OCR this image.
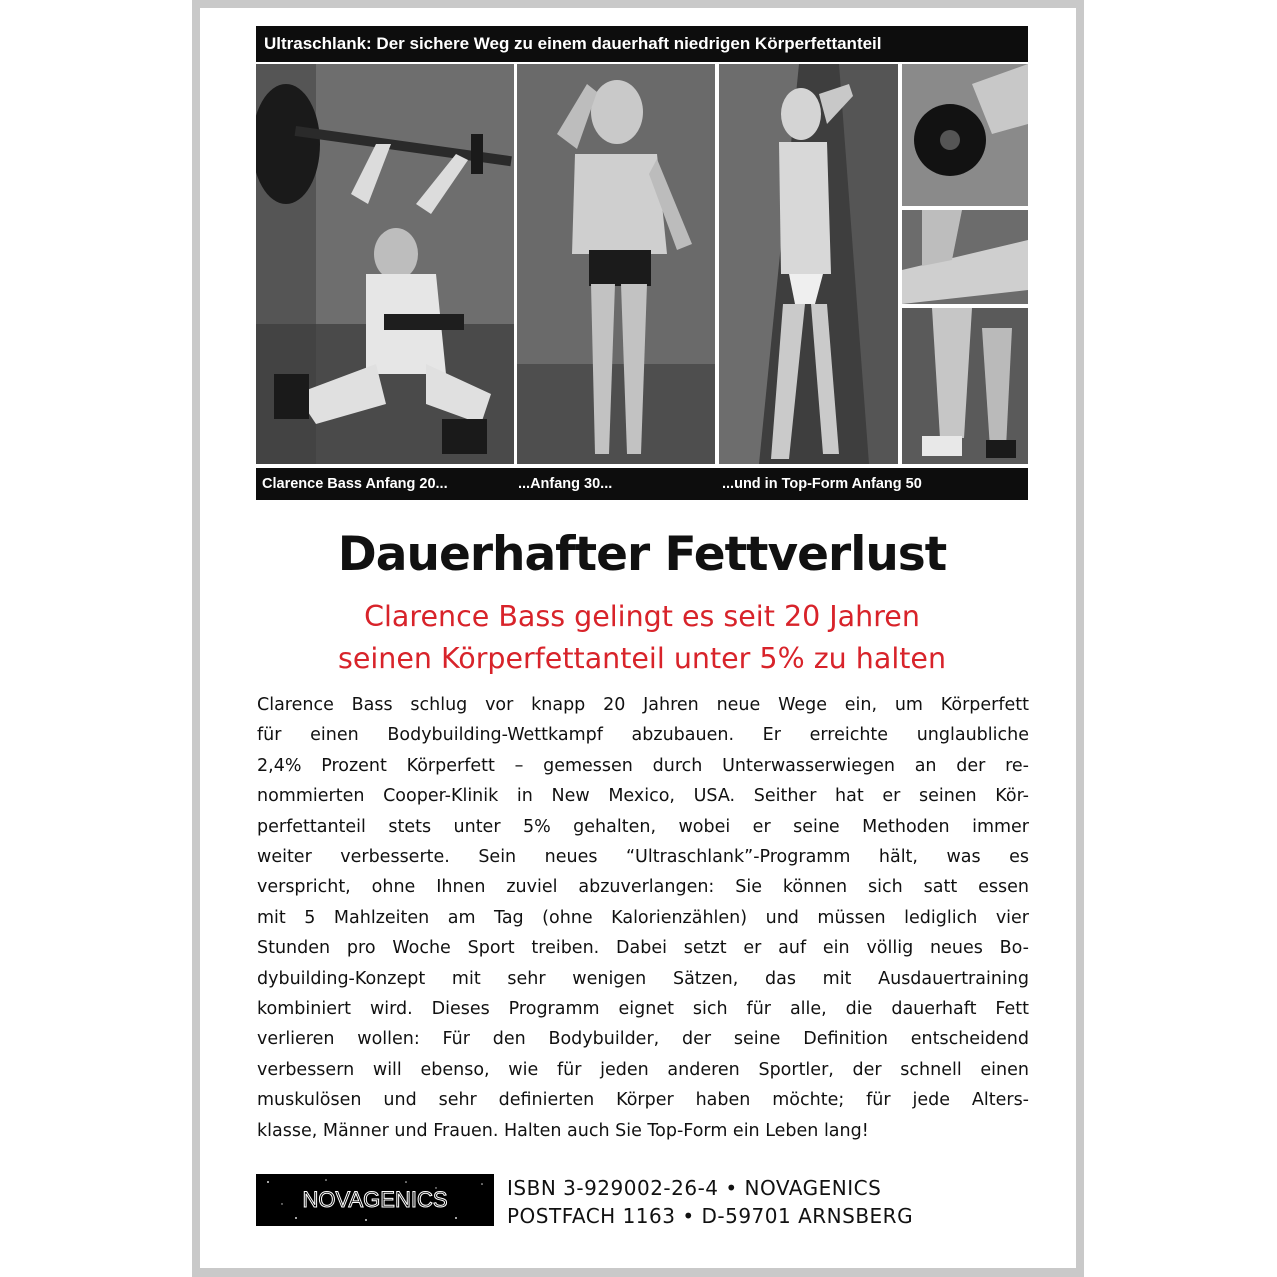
Ultraschlank: Der sichere Weg zu einem dauerhaft niedrigen Körperfettanteil
Clarence Bass Anfang 20...	...Anfang 30...	...und in Top-Form Anfang 50
Dauerhafter Fettverlust
Clarence Bass gelingt es seit 20 Jahren
seinen Körperfettanteil unter 5% zu halten
Clarence Bass schlug vor knapp 20 Jahren neue Wege ein, um Körperfett
für einen Bodybuilding-Wettkampf abzubauen. Er erreichte unglaubliche
2,4% Prozent Körperfett – gemessen durch Unterwasserwiegen an der re-
nommierten Cooper-Klinik in New Mexico, USA. Seither hat er seinen Kör-
perfettanteil stets unter 5% gehalten, wobei er seine Methoden immer
weiter verbesserte. Sein neues “Ultraschlank”-Programm hält, was es
verspricht, ohne Ihnen zuviel abzuverlangen: Sie können sich satt essen
mit 5 Mahlzeiten am Tag (ohne Kalorienzählen) und müssen lediglich vier
Stunden pro Woche Sport treiben. Dabei setzt er auf ein völlig neues Bo-
dybuilding-Konzept mit sehr wenigen Sätzen, das mit Ausdauertraining
kombiniert wird. Dieses Programm eignet sich für alle, die dauerhaft Fett
verlieren wollen: Für den Bodybuilder, der seine Definition entscheidend
verbessern will ebenso, wie für jeden anderen Sportler, der schnell einen
muskulösen und sehr definierten Körper haben möchte; für jede Alters-
klasse, Männer und Frauen. Halten auch Sie Top-Form ein Leben lang!
NOVAGENICS	ISBN 3-929002-26-4 • NOVAGENICS
POSTFACH 1163 • D-59701 ARNSBERG
